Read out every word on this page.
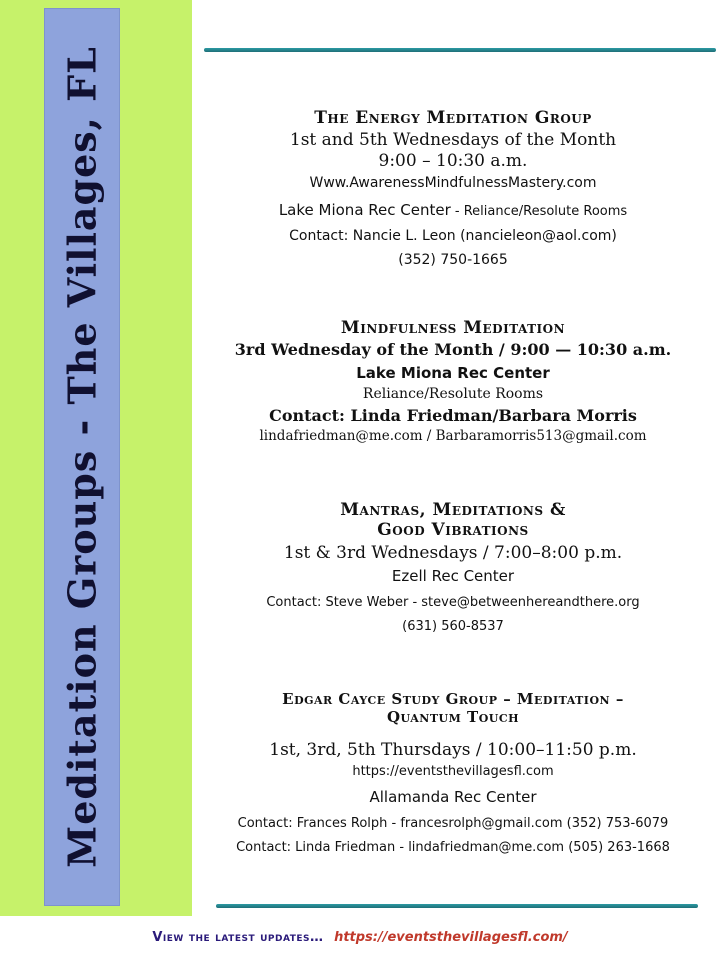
Meditation Groups - The Villages, FL	The Energy Meditation Group
1st and 5th Wednesdays of the Month
9:00 – 10:30 a.m.
Www.AwarenessMindfulnessMastery.com
Lake Miona Rec Center - Reliance/Resolute Rooms
Contact: Nancie L. Leon (nancieleon@aol.com)
(352) 750-1665
Mindfulness Meditation
3rd Wednesday of the Month / 9:00 — 10:30 a.m.
Lake Miona Rec Center
Reliance/Resolute Rooms
Contact: Linda Friedman/Barbara Morris
lindafriedman@me.com / Barbaramorris513@gmail.com
Mantras, Meditations &
Good Vibrations
1st & 3rd Wednesdays / 7:00–8:00 p.m.
Ezell Rec Center
Contact: Steve Weber - steve@betweenhereandthere.org
(631) 560-8537
Edgar Cayce Study Group – Meditation –
Quantum Touch
1st, 3rd, 5th Thursdays / 10:00–11:50 p.m.
https://eventsthevillagesfl.com
Allamanda Rec Center
Contact: Frances Rolph - francesrolph@gmail.com (352) 753-6079
Contact: Linda Friedman - lindafriedman@me.com (505) 263-1668
View the latest updates… https://eventsthevillagesfl.com/
